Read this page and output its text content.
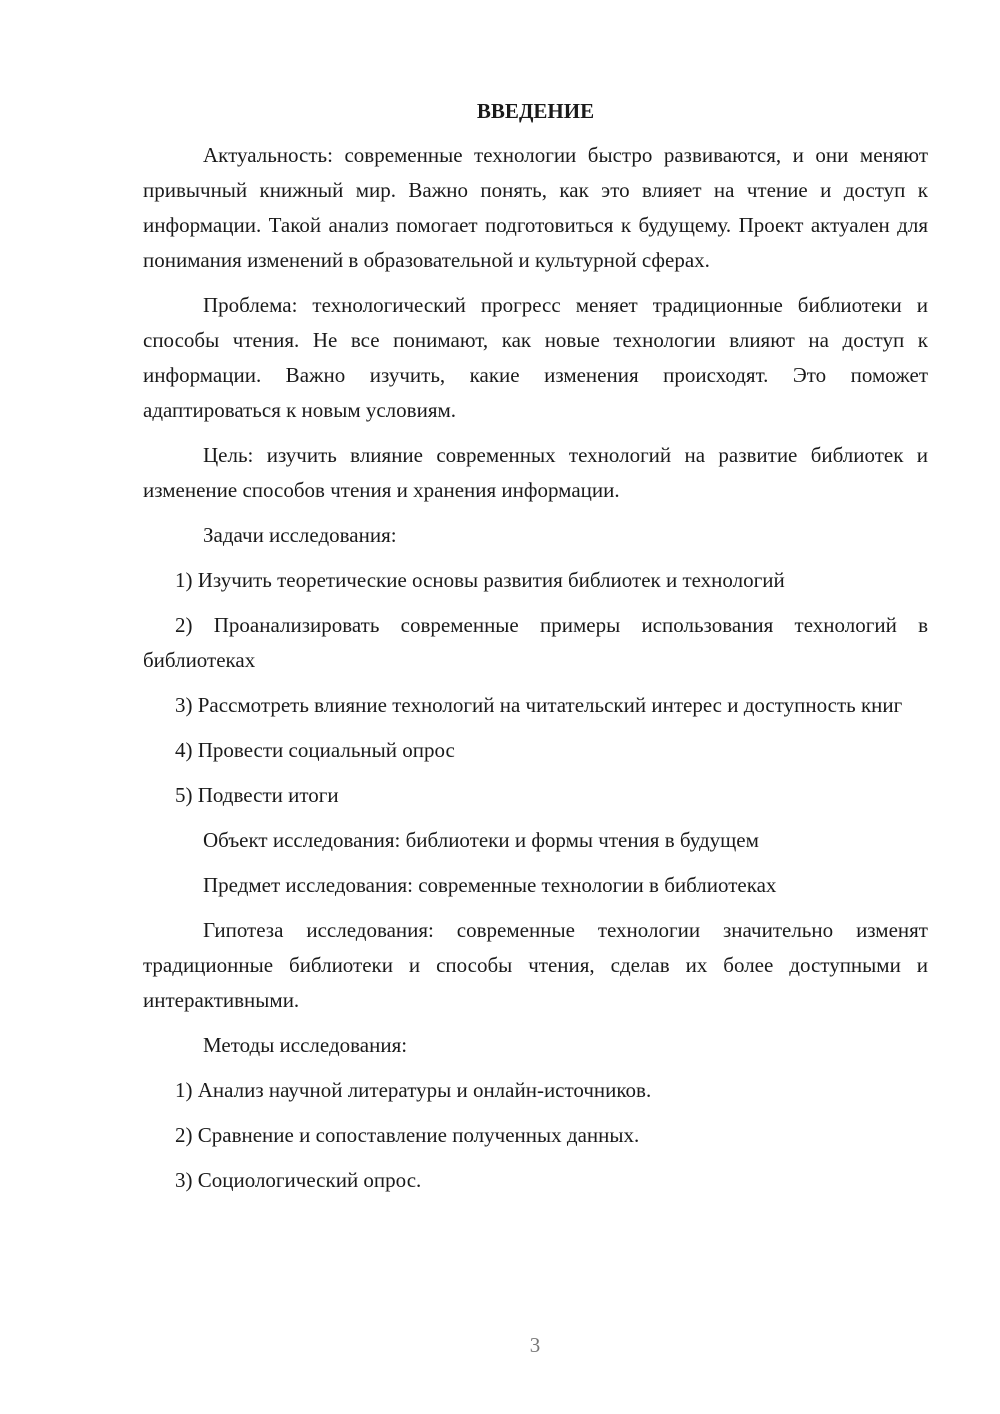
ВВЕДЕНИЕ
Актуальность: современные технологии быстро развиваются, и они меняют привычный книжный мир. Важно понять, как это влияет на чтение и доступ к информации. Такой анализ помогает подготовиться к будущему. Проект актуален для понимания изменений в образовательной и культурной сферах.
Проблема: технологический прогресс меняет традиционные библиотеки и способы чтения. Не все понимают, как новые технологии влияют на доступ к информации. Важно изучить, какие изменения происходят. Это поможет адаптироваться к новым условиям.
Цель: изучить влияние современных технологий на развитие библиотек и изменение способов чтения и хранения информации.
Задачи исследования:
1) Изучить теоретические основы развития библиотек и технологий
2) Проанализировать современные примеры использования технологий в библиотеках
3) Рассмотреть влияние технологий на читательский интерес и доступность книг
4) Провести социальный опрос
5) Подвести итоги
Объект исследования: библиотеки и формы чтения в будущем
Предмет исследования: современные технологии в библиотеках
Гипотеза исследования: современные технологии значительно изменят традиционные библиотеки и способы чтения, сделав их более доступными и интерактивными.
Методы исследования:
1) Анализ научной литературы и онлайн-источников.
2) Сравнение и сопоставление полученных данных.
3) Социологический опрос.
3
